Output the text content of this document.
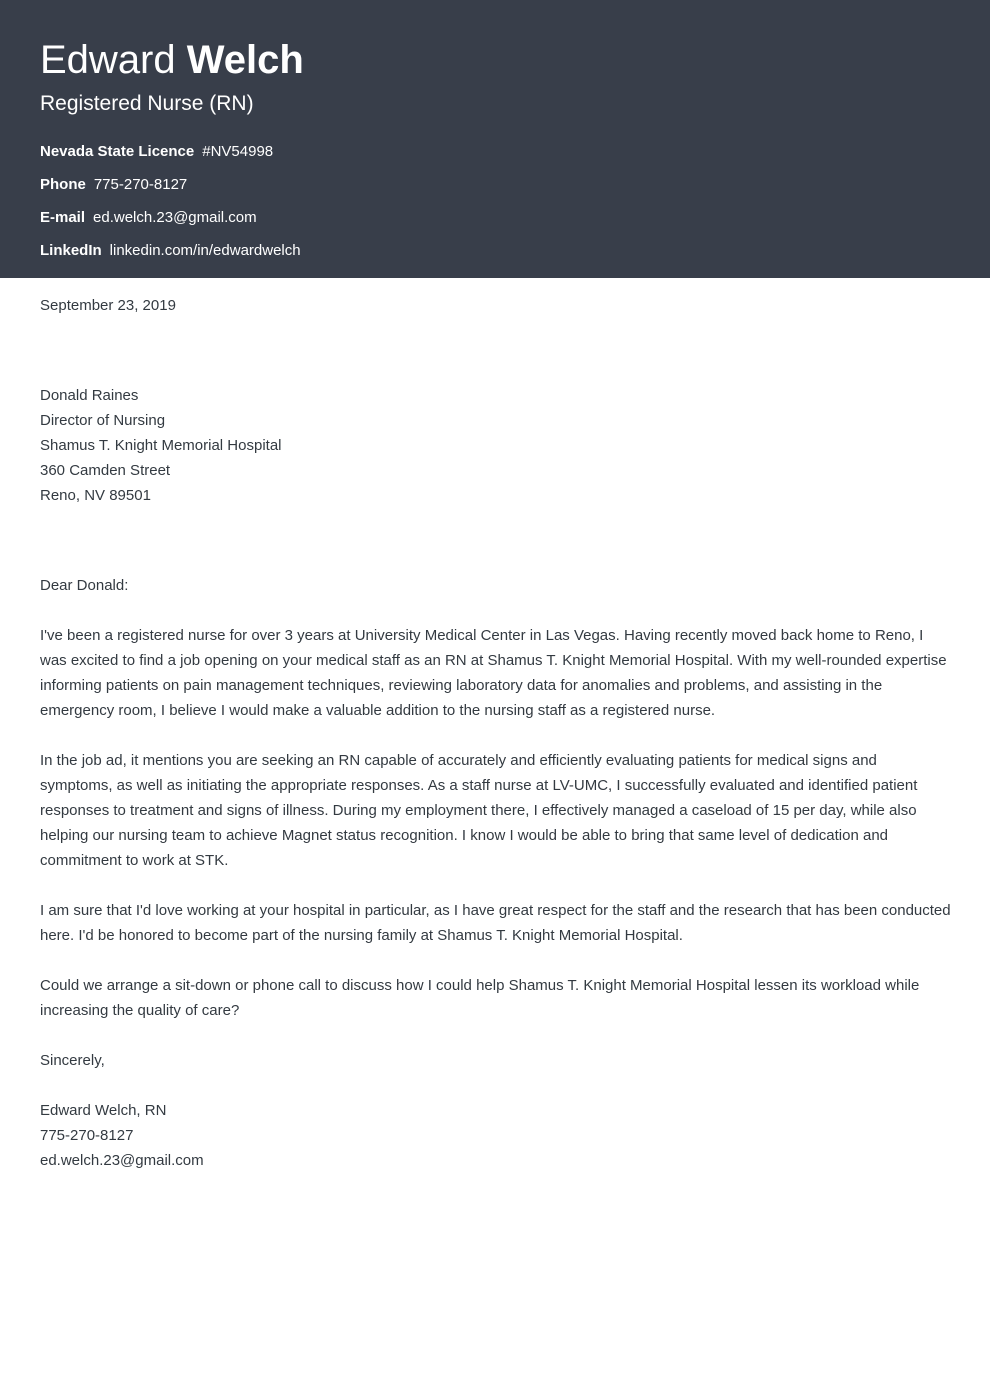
Edward Welch
Registered Nurse (RN)
Nevada State Licence #NV54998
Phone 775-270-8127
E-mail ed.welch.23@gmail.com
LinkedIn linkedin.com/in/edwardwelch
September 23, 2019
Donald Raines
Director of Nursing
Shamus T. Knight Memorial Hospital
360 Camden Street
Reno, NV 89501
Dear Donald:

I've been a registered nurse for over 3 years at University Medical Center in Las Vegas. Having recently moved back home to Reno, I was excited to find a job opening on your medical staff as an RN at Shamus T. Knight Memorial Hospital. With my well-rounded expertise informing patients on pain management techniques, reviewing laboratory data for anomalies and problems, and assisting in the emergency room, I believe I would make a valuable addition to the nursing staff as a registered nurse.

In the job ad, it mentions you are seeking an RN capable of accurately and efficiently evaluating patients for medical signs and symptoms, as well as initiating the appropriate responses. As a staff nurse at LV-UMC, I successfully evaluated and identified patient responses to treatment and signs of illness. During my employment there, I effectively managed a caseload of 15 per day, while also helping our nursing team to achieve Magnet status recognition. I know I would be able to bring that same level of dedication and commitment to work at STK.

I am sure that I'd love working at your hospital in particular, as I have great respect for the staff and the research that has been conducted here. I'd be honored to become part of the nursing family at Shamus T. Knight Memorial Hospital.

Could we arrange a sit-down or phone call to discuss how I could help Shamus T. Knight Memorial Hospital lessen its workload while increasing the quality of care?

Sincerely,
Edward Welch, RN
775-270-8127
ed.welch.23@gmail.com
